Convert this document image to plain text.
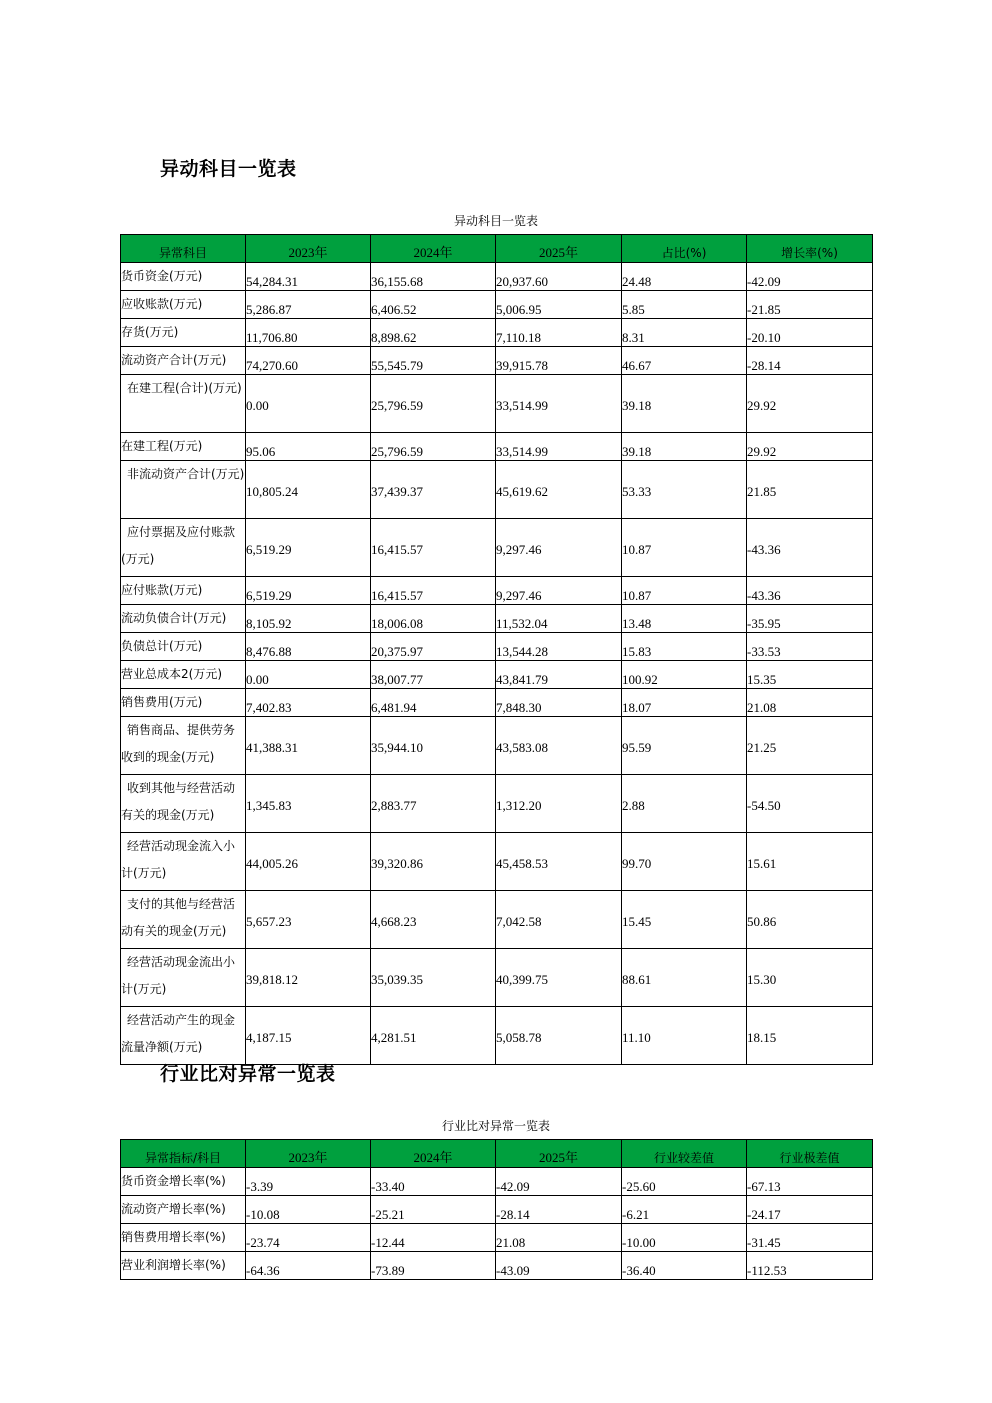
异动科目一览表
异动科目一览表
异常科目	2023年	2024年	2025年	占比(%)	增长率(%)
货币资金(万元)	54,284.31	36,155.68	20,937.60	24.48	-42.09
应收账款(万元)	5,286.87	6,406.52	5,006.95	5.85	-21.85
存货(万元)	11,706.80	8,898.62	7,110.18	8.31	-20.10
流动资产合计(万元)	74,270.60	55,545.79	39,915.78	46.67	-28.14
在建工程(合计)(万元)	0.00	25,796.59	33,514.99	39.18	29.92
在建工程(万元)	95.06	25,796.59	33,514.99	39.18	29.92
非流动资产合计(万元)	10,805.24	37,439.37	45,619.62	53.33	21.85
应付票据及应付账款(万元)	6,519.29	16,415.57	9,297.46	10.87	-43.36
应付账款(万元)	6,519.29	16,415.57	9,297.46	10.87	-43.36
流动负债合计(万元)	8,105.92	18,006.08	11,532.04	13.48	-35.95
负债总计(万元)	8,476.88	20,375.97	13,544.28	15.83	-33.53
营业总成本2(万元)	0.00	38,007.77	43,841.79	100.92	15.35
销售费用(万元)	7,402.83	6,481.94	7,848.30	18.07	21.08
销售商品、提供劳务收到的现金(万元)	41,388.31	35,944.10	43,583.08	95.59	21.25
收到其他与经营活动有关的现金(万元)	1,345.83	2,883.77	1,312.20	2.88	-54.50
经营活动现金流入小计(万元)	44,005.26	39,320.86	45,458.53	99.70	15.61
支付的其他与经营活动有关的现金(万元)	5,657.23	4,668.23	7,042.58	15.45	50.86
经营活动现金流出小计(万元)	39,818.12	35,039.35	40,399.75	88.61	15.30
经营活动产生的现金流量净额(万元)	4,187.15	4,281.51	5,058.78	11.10	18.15
行业比对异常一览表
行业比对异常一览表
异常指标/科目	2023年	2024年	2025年	行业较差值	行业极差值
货币资金增长率(%)	-3.39	-33.40	-42.09	-25.60	-67.13
流动资产增长率(%)	-10.08	-25.21	-28.14	-6.21	-24.17
销售费用增长率(%)	-23.74	-12.44	21.08	-10.00	-31.45
营业利润增长率(%)	-64.36	-73.89	-43.09	-36.40	-112.53
